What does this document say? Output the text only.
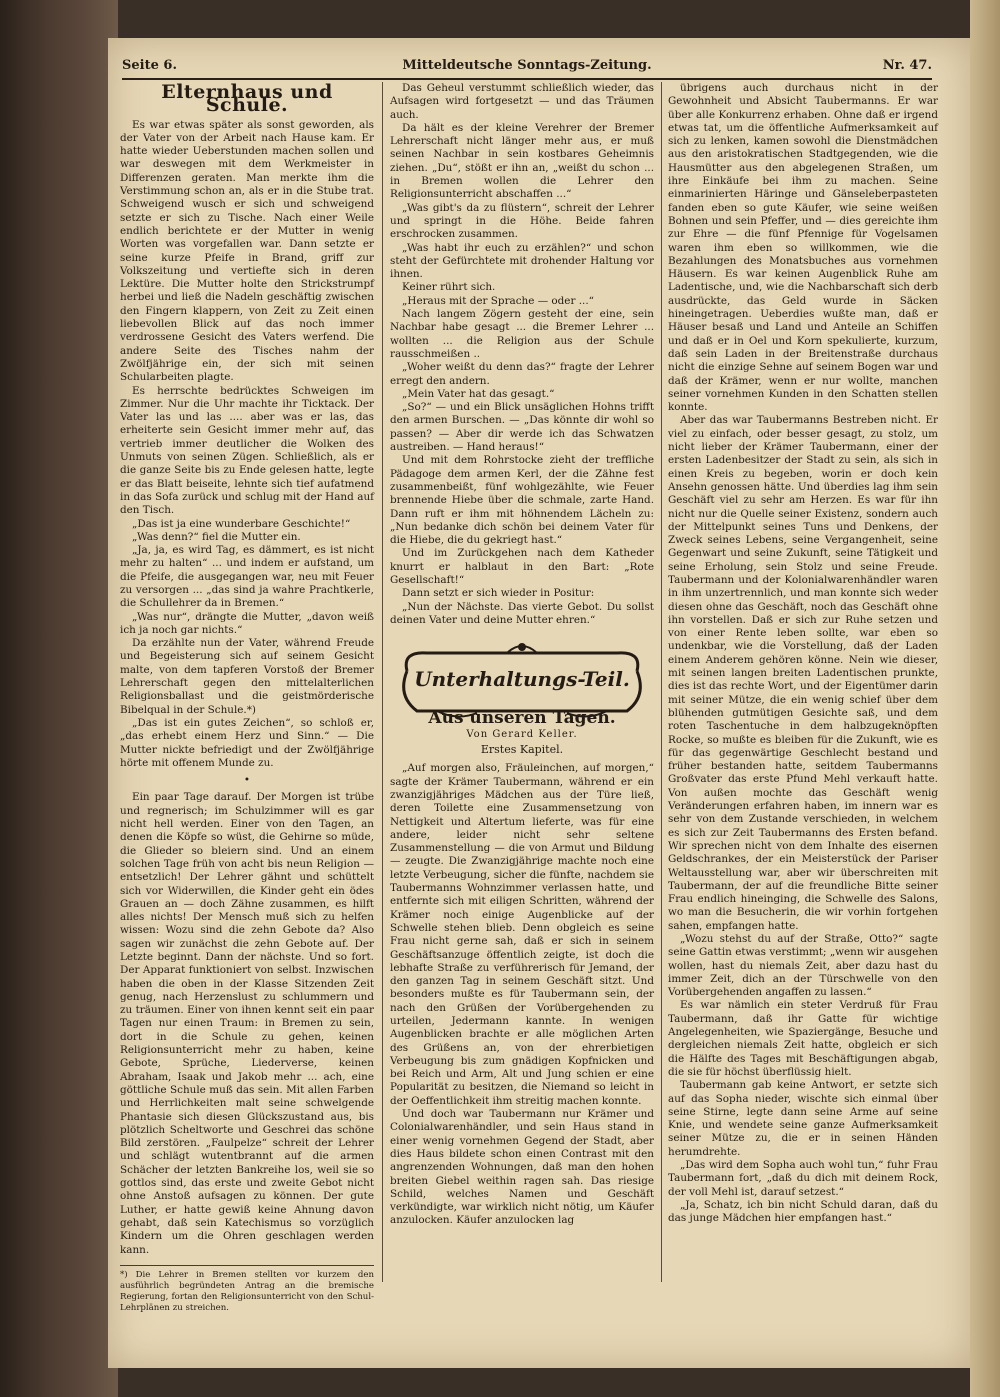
Seite 6.	Mitteldeutsche Sonntags-Zeitung.	Nr. 47.
Elternhaus und Schule.

Es war etwas später als sonst geworden, als der Vater von der Arbeit nach Hause kam. Er hatte wieder Ueberstunden machen sollen und war deswegen mit dem Werkmeister in Differenzen geraten. Man merkte ihm die Verstimmung schon an, als er in die Stube trat. Schweigend wusch er sich und schweigend setzte er sich zu Tische. Nach einer Weile endlich berichtete er der Mutter in wenig Worten was vorgefallen war. Dann setzte er seine kurze Pfeife in Brand, griff zur Volkszeitung und vertiefte sich in deren Lektüre. Die Mutter holte den Strickstrumpf herbei und ließ die Nadeln geschäftig zwischen den Fingern klappern, von Zeit zu Zeit einen liebevollen Blick auf das noch immer verdrossene Gesicht des Vaters werfend. Die andere Seite des Tisches nahm der Zwölfjährige ein, der sich mit seinen Schularbeiten plagte.

Es herrschte bedrücktes Schweigen im Zimmer. Nur die Uhr machte ihr Ticktack. Der Vater las und las .... aber was er las, das erheiterte sein Gesicht immer mehr auf, das vertrieb immer deutlicher die Wolken des Unmuts von seinen Zügen. Schließlich, als er die ganze Seite bis zu Ende gelesen hatte, legte er das Blatt beiseite, lehnte sich tief aufatmend in das Sofa zurück und schlug mit der Hand auf den Tisch.

„Das ist ja eine wunderbare Geschichte!“

„Was denn?“ fiel die Mutter ein.

„Ja, ja, es wird Tag, es dämmert, es ist nicht mehr zu halten“ ... und indem er aufstand, um die Pfeife, die ausgegangen war, neu mit Feuer zu versorgen ... „das sind ja wahre Prachtkerle, die Schullehrer da in Bremen.“

„Was nur“, drängte die Mutter, „davon weiß ich ja noch gar nichts.“

Da erzählte nun der Vater, während Freude und Begeisterung sich auf seinem Gesicht malte, von dem tapferen Vorstoß der Bremer Lehrerschaft gegen den mittelalterlichen Religionsballast und die geistmörderische Bibelqual in der Schule.*)

„Das ist ein gutes Zeichen“, so schloß er, „das erhebt einem Herz und Sinn.“ — Die Mutter nickte befriedigt und der Zwölfjährige hörte mit offenem Munde zu.

•

Ein paar Tage darauf. Der Morgen ist trübe und regnerisch; im Schulzimmer will es gar nicht hell werden. Einer von den Tagen, an denen die Köpfe so wüst, die Gehirne so müde, die Glieder so bleiern sind. Und an einem solchen Tage früh von acht bis neun Religion — entsetzlich! Der Lehrer gähnt und schüttelt sich vor Widerwillen, die Kinder geht ein ödes Grauen an — doch Zähne zusammen, es hilft alles nichts! Der Mensch muß sich zu helfen wissen: Wozu sind die zehn Gebote da? Also sagen wir zunächst die zehn Gebote auf. Der Letzte beginnt. Dann der nächste. Und so fort. Der Apparat funktioniert von selbst. Inzwischen haben die oben in der Klasse Sitzenden Zeit genug, nach Herzenslust zu schlummern und zu träumen. Einer von ihnen kennt seit ein paar Tagen nur einen Traum: in Bremen zu sein, dort in die Schule zu gehen, keinen Religionsunterricht mehr zu haben, keine Gebote, Sprüche, Liederverse, keinen Abraham, Isaak und Jakob mehr ... ach, eine göttliche Schule muß das sein. Mit allen Farben und Herrlichkeiten malt seine schwelgende Phantasie sich diesen Glückszustand aus, bis plötzlich Scheltworte und Geschrei das schöne Bild zerstören. „Faulpelze“ schreit der Lehrer und schlägt wutentbrannt auf die armen Schächer der letzten Bankreihe los, weil sie so gottlos sind, das erste und zweite Gebot nicht ohne Anstoß aufsagen zu können. Der gute Luther, er hatte gewiß keine Ahnung davon gehabt, daß sein Katechismus so vorzüglich Kindern um die Ohren geschlagen werden kann.

*) Die Lehrer in Bremen stellten vor kurzem den ausführlich begründeten Antrag an die bremische Regierung, fortan den Religionsunterricht von den Schul-Lehrplänen zu streichen.

Das Geheul verstummt schließlich wieder, das Aufsagen wird fortgesetzt — und das Träumen auch.

Da hält es der kleine Verehrer der Bremer Lehrerschaft nicht länger mehr aus, er muß seinen Nachbar in sein kostbares Geheimnis ziehen. „Du“, stößt er ihn an, „weißt du schon ... in Bremen wollen die Lehrer den Religionsunterricht abschaffen ...“

„Was gibt's da zu flüstern“, schreit der Lehrer und springt in die Höhe. Beide fahren erschrocken zusammen.

„Was habt ihr euch zu erzählen?“ und schon steht der Gefürchtete mit drohender Haltung vor ihnen.

Keiner rührt sich.

„Heraus mit der Sprache — oder ...“

Nach langem Zögern gesteht der eine, sein Nachbar habe gesagt ... die Bremer Lehrer ... wollten ... die Religion aus der Schule rausschmeißen ..

„Woher weißt du denn das?“ fragte der Lehrer erregt den andern.

„Mein Vater hat das gesagt.“

„So?“ — und ein Blick unsäglichen Hohns trifft den armen Burschen. — „Das könnte dir wohl so passen? — Aber dir werde ich das Schwatzen austreiben. — Hand heraus!“

Und mit dem Rohrstocke zieht der treffliche Pädagoge dem armen Kerl, der die Zähne fest zusammenbeißt, fünf wohlgezählte, wie Feuer brennende Hiebe über die schmale, zarte Hand. Dann ruft er ihm mit höhnendem Lächeln zu: „Nun bedanke dich schön bei deinem Vater für die Hiebe, die du gekriegt hast.“

Und im Zurückgehen nach dem Katheder knurrt er halblaut in den Bart: „Rote Gesellschaft!“

Dann setzt er sich wieder in Positur:

„Nun der Nächste. Das vierte Gebot. Du sollst deinen Vater und deine Mutter ehren.“

Unterhaltungs-Teil.
Aus unseren Tagen.
Von Gerard Keller.
Erstes Kapitel.

„Auf morgen also, Fräuleinchen, auf morgen,“ sagte der Krämer Taubermann, während er ein zwanzigjähriges Mädchen aus der Türe ließ, deren Toilette eine Zusammensetzung von Nettigkeit und Altertum lieferte, was für eine andere, leider nicht sehr seltene Zusammenstellung — die von Armut und Bildung — zeugte. Die Zwanzigjährige machte noch eine letzte Verbeugung, sicher die fünfte, nachdem sie Taubermanns Wohnzimmer verlassen hatte, und entfernte sich mit eiligen Schritten, während der Krämer noch einige Augenblicke auf der Schwelle stehen blieb. Denn obgleich es seine Frau nicht gerne sah, daß er sich in seinem Geschäftsanzuge öffentlich zeigte, ist doch die lebhafte Straße zu verführerisch für Jemand, der den ganzen Tag in seinem Geschäft sitzt. Und besonders mußte es für Taubermann sein, der nach den Grüßen der Vorübergehenden zu urteilen, Jedermann kannte. In wenigen Augenblicken brachte er alle möglichen Arten des Grüßens an, von der ehrerbietigen Verbeugung bis zum gnädigen Kopfnicken und bei Reich und Arm, Alt und Jung schien er eine Popularität zu besitzen, die Niemand so leicht in der Oeffentlichkeit ihm streitig machen konnte.

Und doch war Taubermann nur Krämer und Colonialwarenhändler, und sein Haus stand in einer wenig vornehmen Gegend der Stadt, aber dies Haus bildete schon einen Contrast mit den angrenzenden Wohnungen, daß man den hohen breiten Giebel weithin ragen sah. Das riesige Schild, welches Namen und Geschäft verkündigte, war wirklich nicht nötig, um Käufer anzulocken. Käufer anzulocken lag

übrigens auch durchaus nicht in der Gewohnheit und Absicht Taubermanns. Er war über alle Konkurrenz erhaben. Ohne daß er irgend etwas tat, um die öffentliche Aufmerksamkeit auf sich zu lenken, kamen sowohl die Dienstmädchen aus den aristokratischen Stadtgegenden, wie die Hausmütter aus den abgelegenen Straßen, um ihre Einkäufe bei ihm zu machen. Seine einmarinierten Häringe und Gänseleberpasteten fanden eben so gute Käufer, wie seine weißen Bohnen und sein Pfeffer, und — dies gereichte ihm zur Ehre — die fünf Pfennige für Vogelsamen waren ihm eben so willkommen, wie die Bezahlungen des Monatsbuches aus vornehmen Häusern. Es war keinen Augenblick Ruhe am Ladentische, und, wie die Nachbarschaft sich derb ausdrückte, das Geld wurde in Säcken hineingetragen. Ueberdies wußte man, daß er Häuser besaß und Land und Anteile an Schiffen und daß er in Oel und Korn spekulierte, kurzum, daß sein Laden in der Breitenstraße durchaus nicht die einzige Sehne auf seinem Bogen war und daß der Krämer, wenn er nur wollte, manchen seiner vornehmen Kunden in den Schatten stellen konnte.

Aber das war Taubermanns Bestreben nicht. Er viel zu einfach, oder besser gesagt, zu stolz, um nicht lieber der Krämer Taubermann, einer der ersten Ladenbesitzer der Stadt zu sein, als sich in einen Kreis zu begeben, worin er doch kein Ansehn genossen hätte. Und überdies lag ihm sein Geschäft viel zu sehr am Herzen. Es war für ihn nicht nur die Quelle seiner Existenz, sondern auch der Mittelpunkt seines Tuns und Denkens, der Zweck seines Lebens, seine Vergangenheit, seine Gegenwart und seine Zukunft, seine Tätigkeit und seine Erholung, sein Stolz und seine Freude. Taubermann und der Kolonialwarenhändler waren in ihm unzertrennlich, und man konnte sich weder diesen ohne das Geschäft, noch das Geschäft ohne ihn vorstellen. Daß er sich zur Ruhe setzen und von einer Rente leben sollte, war eben so undenkbar, wie die Vorstellung, daß der Laden einem Anderem gehören könne. Nein wie dieser, mit seinen langen breiten Ladentischen prunkte, dies ist das rechte Wort, und der Eigentümer darin mit seiner Mütze, die ein wenig schief über dem blühenden gutmütigen Gesichte saß, und dem roten Taschentuche in dem halbzugeknöpften Rocke, so mußte es bleiben für die Zukunft, wie es für das gegenwärtige Geschlecht bestand und früher bestanden hatte, seitdem Taubermanns Großvater das erste Pfund Mehl verkauft hatte. Von außen mochte das Geschäft wenig Veränderungen erfahren haben, im innern war es sehr von dem Zustande verschieden, in welchem es sich zur Zeit Taubermanns des Ersten befand. Wir sprechen nicht von dem Inhalte des eisernen Geldschrankes, der ein Meisterstück der Pariser Weltausstellung war, aber wir überschreiten mit Taubermann, der auf die freundliche Bitte seiner Frau endlich hineinging, die Schwelle des Salons, wo man die Besucherin, die wir vorhin fortgehen sahen, empfangen hatte.

„Wozu stehst du auf der Straße, Otto?“ sagte seine Gattin etwas verstimmt; „wenn wir ausgehen wollen, hast du niemals Zeit, aber dazu hast du immer Zeit, dich an der Türschwelle von den Vorübergehenden angaffen zu lassen.“

Es war nämlich ein steter Verdruß für Frau Taubermann, daß ihr Gatte für wichtige Angelegenheiten, wie Spaziergänge, Besuche und dergleichen niemals Zeit hatte, obgleich er sich die Hälfte des Tages mit Beschäftigungen abgab, die sie für höchst überflüssig hielt.

Taubermann gab keine Antwort, er setzte sich auf das Sopha nieder, wischte sich einmal über seine Stirne, legte dann seine Arme auf seine Knie, und wendete seine ganze Aufmerksamkeit seiner Mütze zu, die er in seinen Händen herumdrehte.

„Das wird dem Sopha auch wohl tun,“ fuhr Frau Taubermann fort, „daß du dich mit deinem Rock, der voll Mehl ist, darauf setzest.“

„Ja, Schatz, ich bin nicht Schuld daran, daß du das junge Mädchen hier empfangen hast.“
